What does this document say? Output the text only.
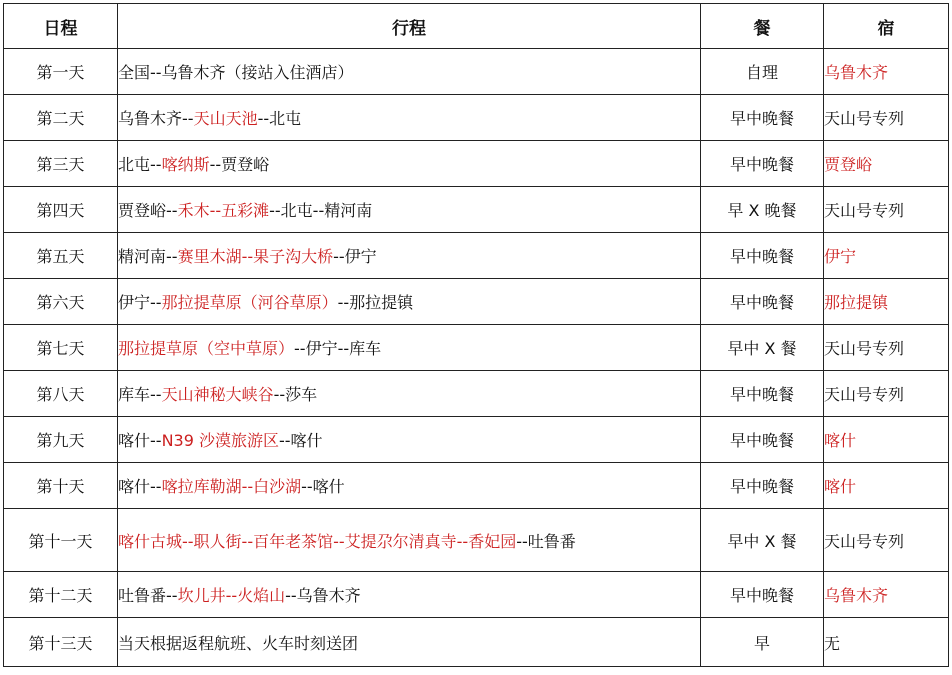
日程	行程	餐	宿
第一天	全国--乌鲁木齐（接站入住酒店）	自理	乌鲁木齐
第二天	乌鲁木齐--天山天池--北屯	早中晚餐	天山号专列
第三天	北屯--喀纳斯--贾登峪	早中晚餐	贾登峪
第四天	贾登峪--禾木--五彩滩--北屯--精河南	早 X 晚餐	天山号专列
第五天	精河南--赛里木湖--果子沟大桥--伊宁	早中晚餐	伊宁
第六天	伊宁--那拉提草原（河谷草原）--那拉提镇	早中晚餐	那拉提镇
第七天	那拉提草原（空中草原）--伊宁--库车	早中 X 餐	天山号专列
第八天	库车--天山神秘大峡谷--莎车	早中晚餐	天山号专列
第九天	喀什--N39 沙漠旅游区--喀什	早中晚餐	喀什
第十天	喀什--喀拉库勒湖--白沙湖--喀什	早中晚餐	喀什
第十一天	喀什古城--职人街--百年老茶馆--艾提尕尔清真寺--香妃园--吐鲁番	早中 X 餐	天山号专列
第十二天	吐鲁番--坎儿井--火焰山--乌鲁木齐	早中晚餐	乌鲁木齐
第十三天	当天根据返程航班、火车时刻送团	早	无
